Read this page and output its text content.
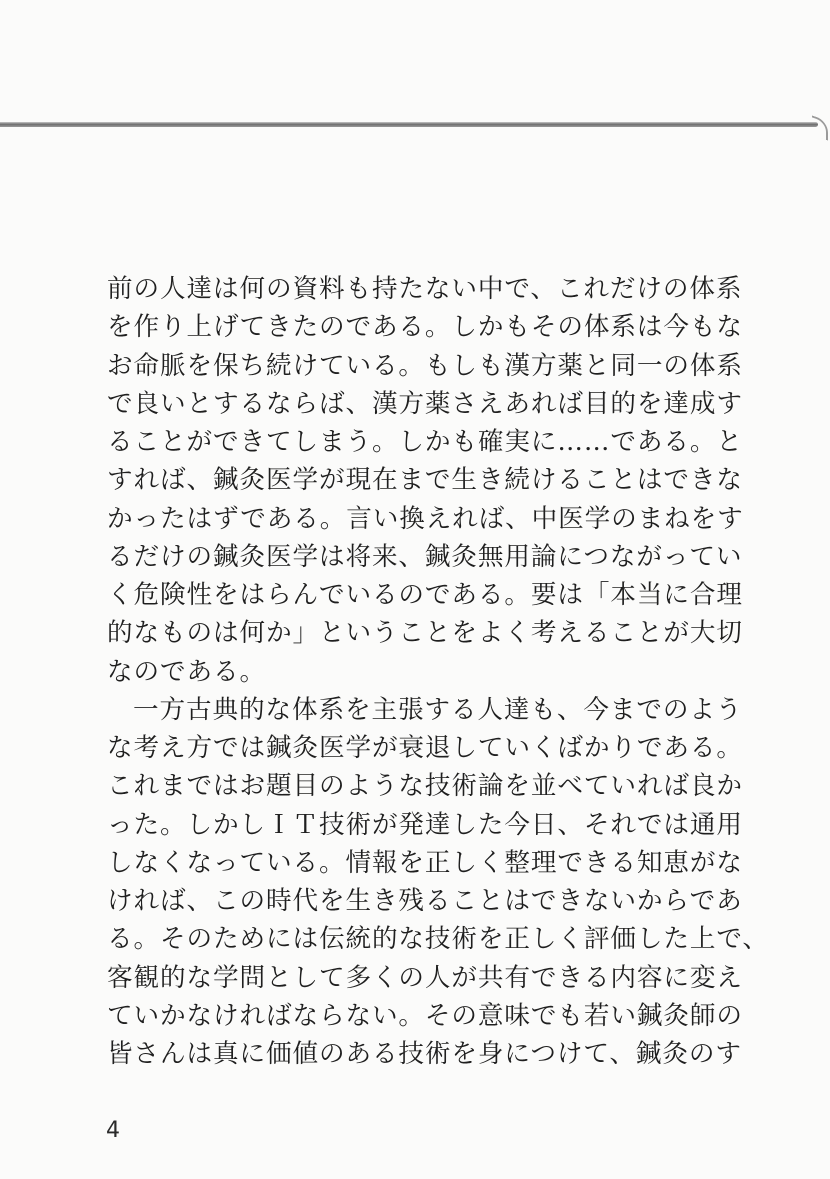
前の人達は何の資料も持たない中で、これだけの体系
を作り上げてきたのである。しかもその体系は今もな
お命脈を保ち続けている。もしも漢方薬と同一の体系
で良いとするならば、漢方薬さえあれば目的を達成す
ることができてしまう。しかも確実に……である。と
すれば、鍼灸医学が現在まで生き続けることはできな
かったはずである。言い換えれば、中医学のまねをす
るだけの鍼灸医学は将来、鍼灸無用論につながってい
く危険性をはらんでいるのである。要は「本当に合理
的なものは何か」ということをよく考えることが大切
なのである。
一方古典的な体系を主張する人達も、今までのよう
な考え方では鍼灸医学が衰退していくばかりである。
これまではお題目のような技術論を並べていれば良か
った。しかしＩＴ技術が発達した今日、それでは通用
しなくなっている。情報を正しく整理できる知恵がな
ければ、この時代を生き残ることはできないからであ
る。そのためには伝統的な技術を正しく評価した上で、
客観的な学問として多くの人が共有できる内容に変え
ていかなければならない。その意味でも若い鍼灸師の
皆さんは真に価値のある技術を身につけて、鍼灸のす
4
